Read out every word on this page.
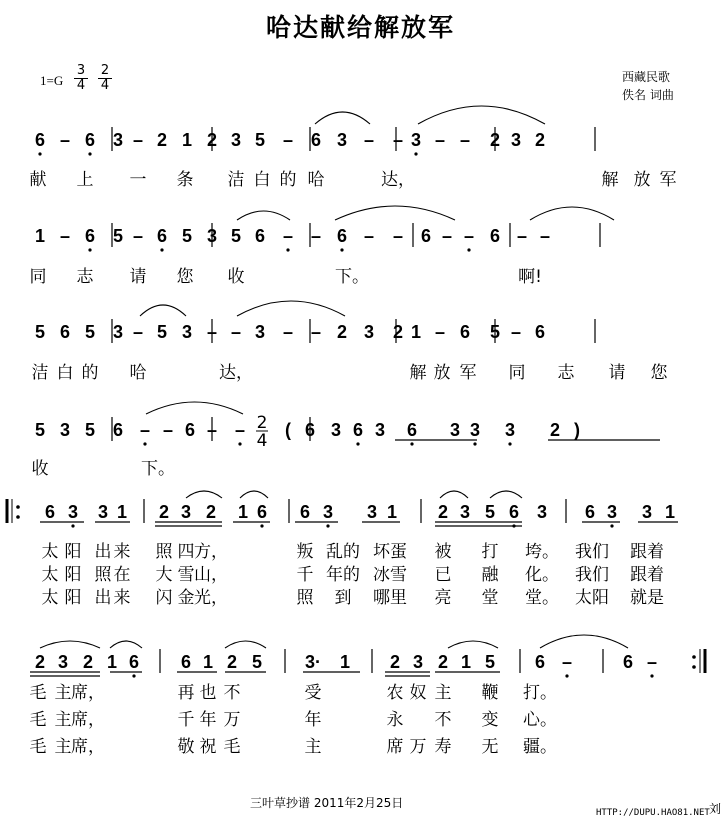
哈达献给解放军
$1=G \frac{3}{4} \frac{2}{4}$	西藏民歌
佚名 词曲
6 – 6 3 – 2 1 2 3 5 – 6 3 – – 3 – – 2 3 2
1 – 6 5 – 6 5 3 5 6 – – 6 – – 6 – – 6 – –
5 6 5 3 – 5 3 – – 3 – – 2 3 2 1 – 6 5 – 6
5 3 5 6 – – 6 – – 2
4
( 6 3 6 3 6 3 3 3 2 )
献 上 一 条 洁 白 的 哈	达，	解 放 军
同 志 请 您 收	下。	啊!
洁 白 的 哈	达，	解 放 军 同 志 请 您
收	下。
6 3 3 1 2 3 2 1 6 6 3 3 1 2 3 5 6 3 6 3 3 1
2 3 2 1 6 6 1 2 5 3· 1 2 3 2 1 5 6 –	6 –
太 阳 出 来 照 四 方，	叛 乱的 坏蛋 被 打 垮。 我们 跟着
毛 主 席，	再 也 不	受	农 奴 主 鞭 打。
太 阳 照 在 大 雪 山，	千 年的 冰雪 已 融 化。 我们 跟着
毛 主 席，	千 年 万	年	永 不 变 心。
太 阳 出 来 闪 金 光，	照 到 哪里 亮 堂 堂。 太阳 就是
毛 主 席，	敬 祝 毛	主	席 万 寿 无 疆。
三叶草抄谱 2011年2月25日
HTTP://DUPU.HAO81.NET 刘
